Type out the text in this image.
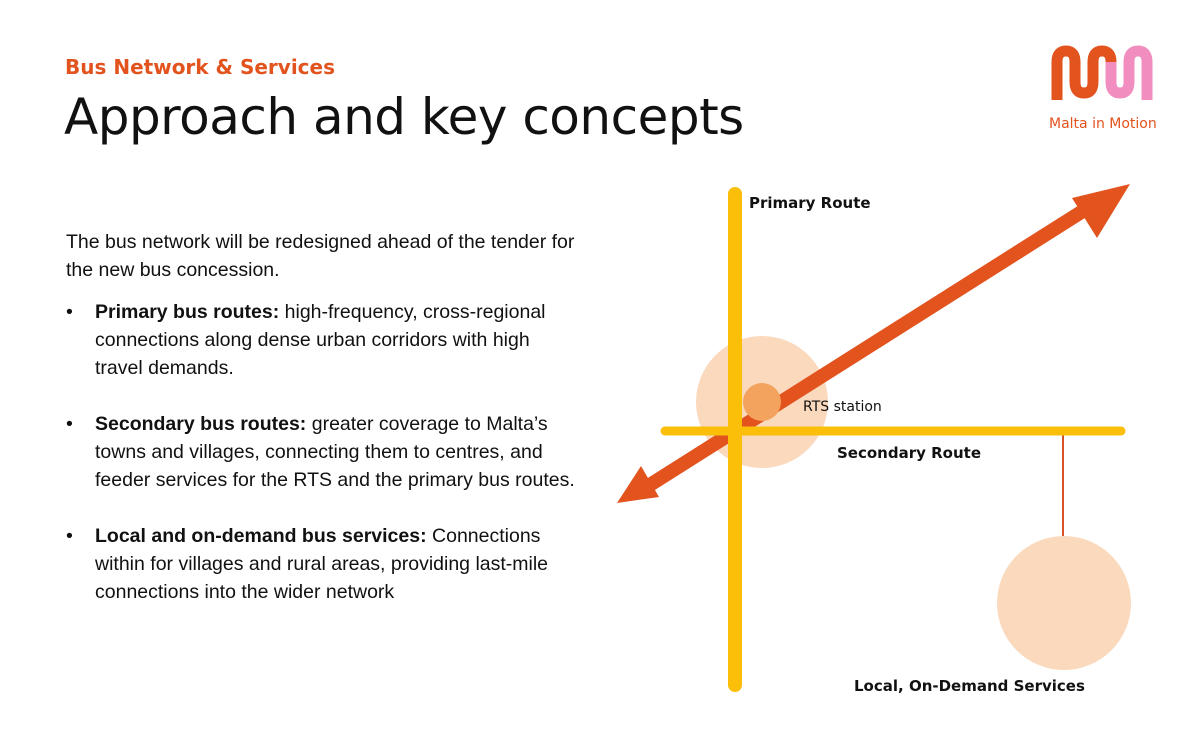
Bus Network & Services
Approach and key concepts	Malta in Motion

The bus network will be redesigned ahead of the tender for the new bus concession.

• Primary bus routes: high-frequency, cross-regional connections along dense urban corridors with high travel demands.
• Secondary bus routes: greater coverage to Malta’s towns and villages, connecting them to centres, and feeder services for the RTS and the primary bus routes.
• Local and on-demand bus services: Connections within for villages and rural areas, providing last-mile connections into the wider network
Primary Route
RTS station
Secondary Route
Local, On-Demand Services
